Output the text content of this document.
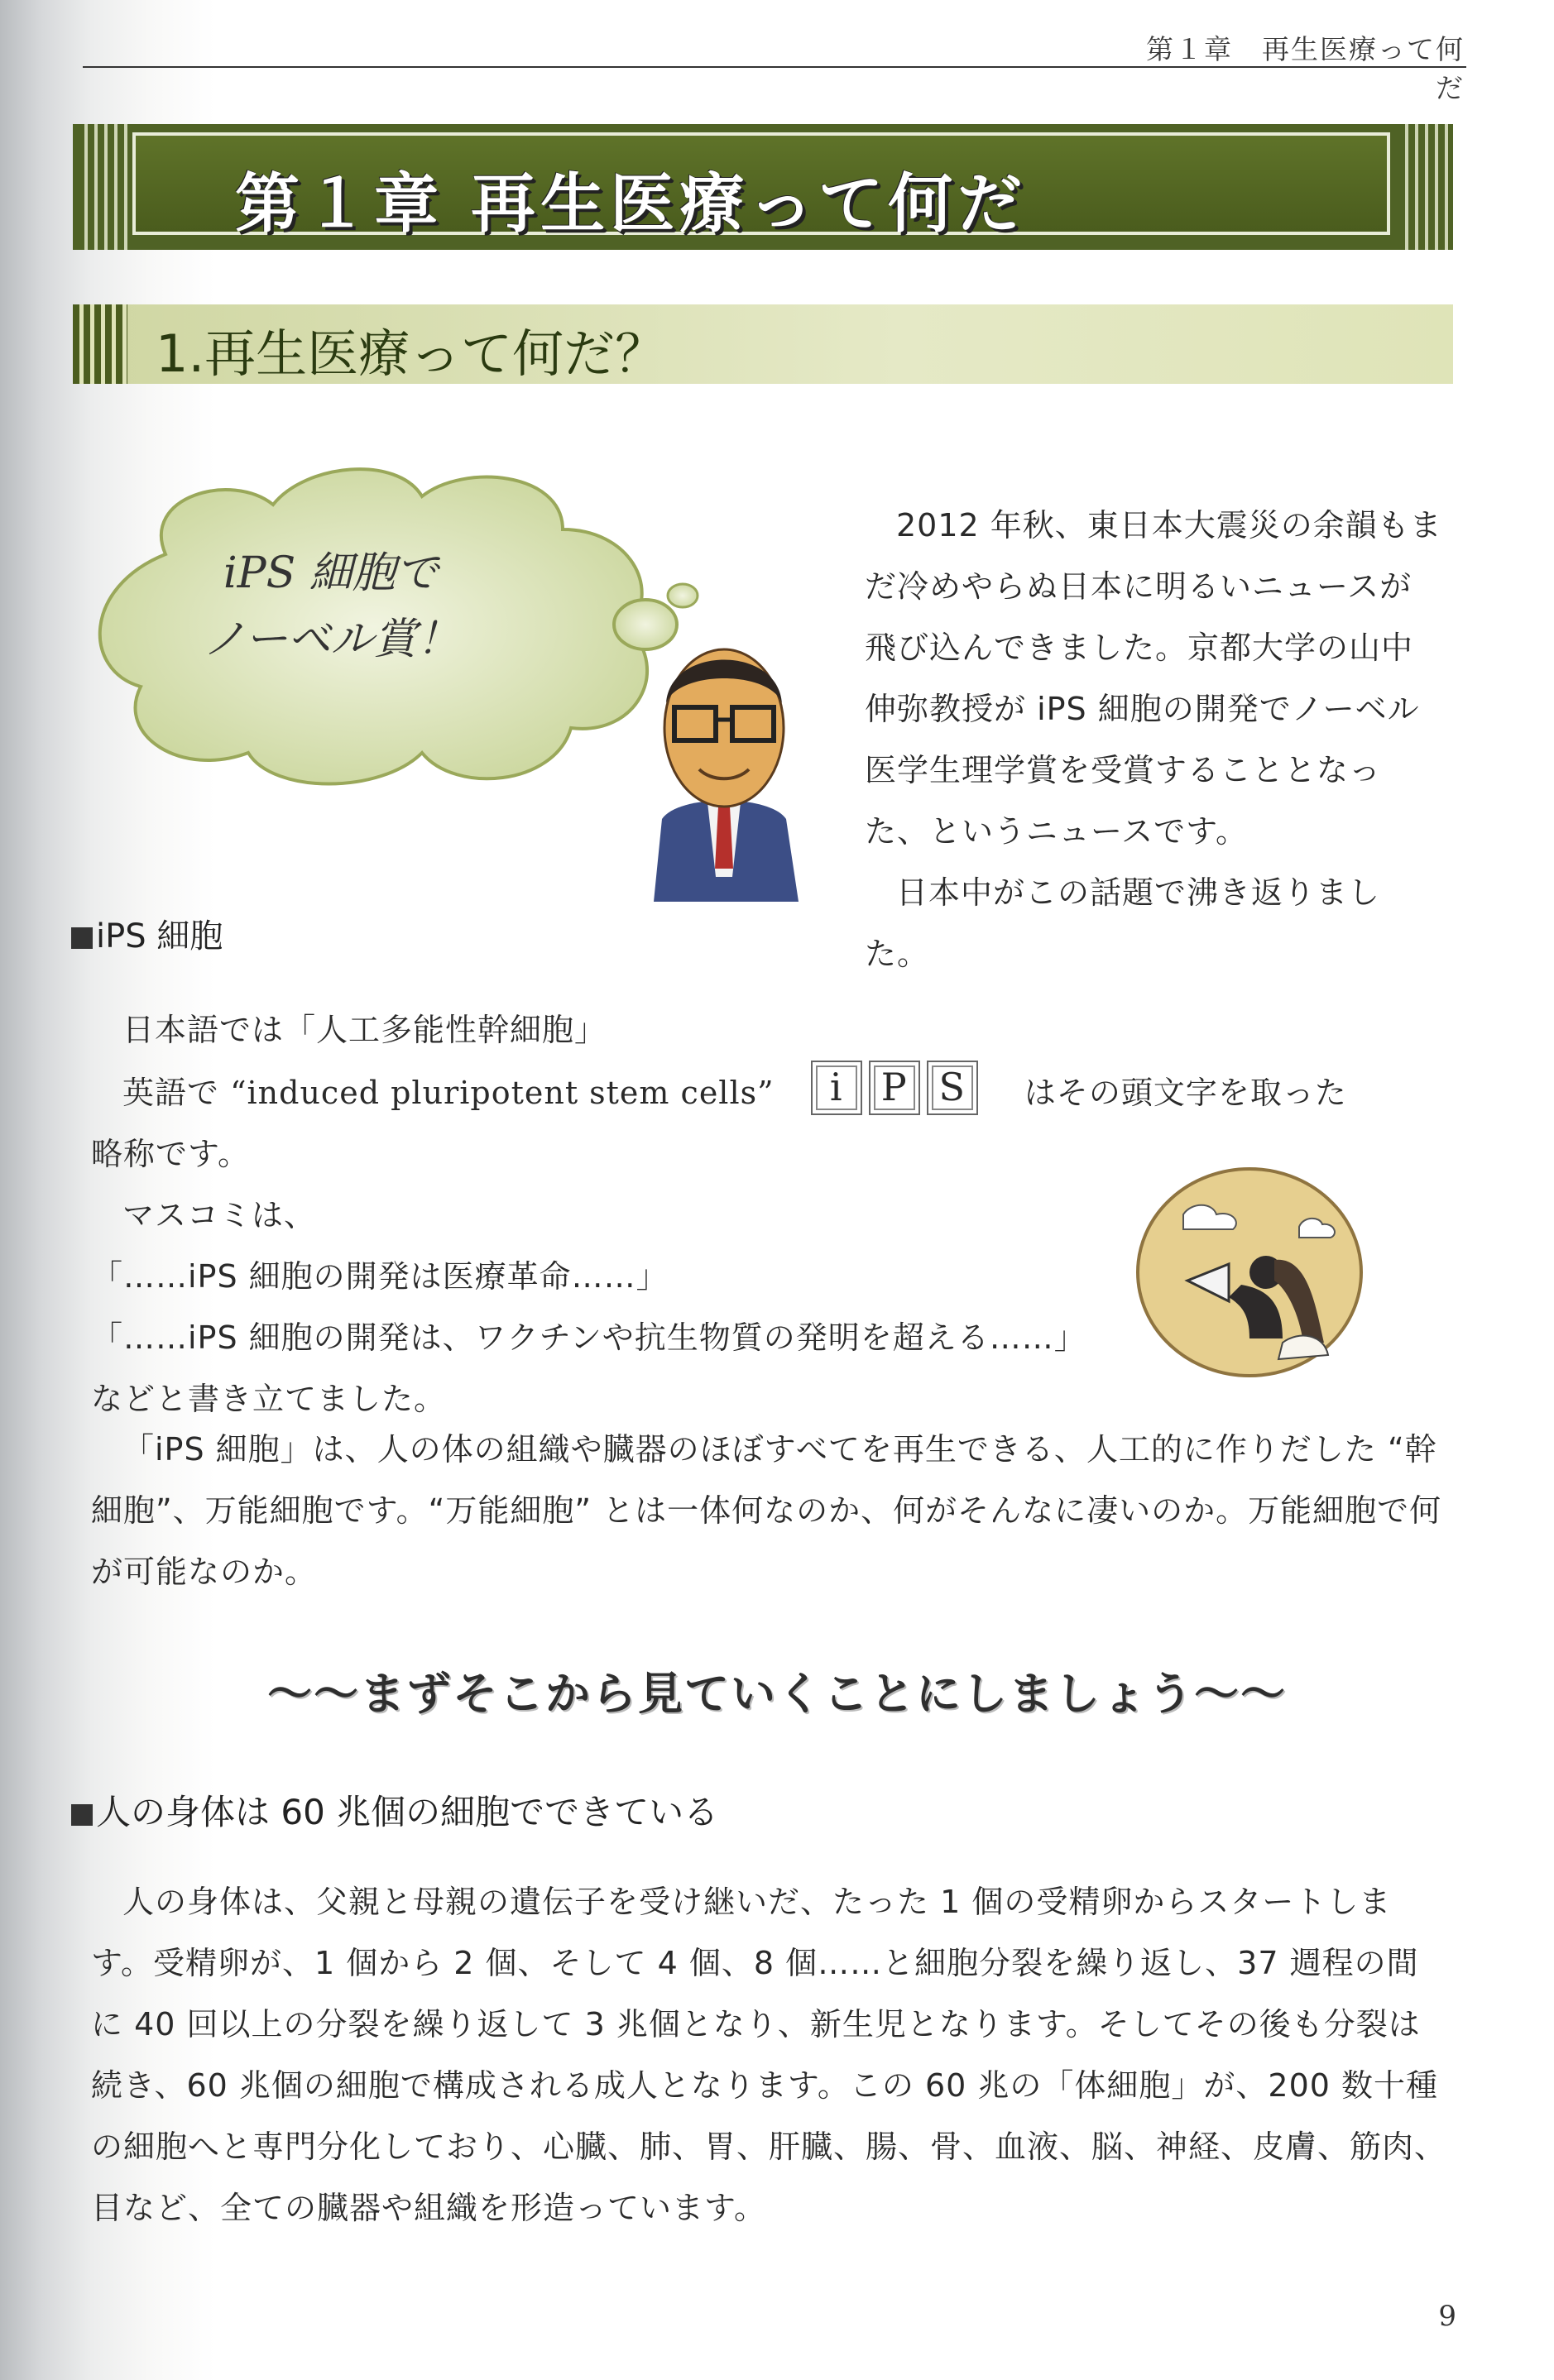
第１章　再生医療って何だ
第１章 再生医療って何だ
1.再生医療って何だ？
iPS 細胞で
ノーベル賞！

2012 年秋、東日本大震災の余韻もまだ冷めやらぬ日本に明るいニュースが飛び込んできました。京都大学の山中伸弥教授が iPS 細胞の開発でノーベル医学生理学賞を受賞することとなった、というニュースです。

日本中がこの話題で沸き返りました。

iPS 細胞
日本語では「人工多能性幹細胞」
英語で “induced pluripotent stem cells” i P S はその頭文字を取った
略称です。
マスコミは、
「……iPS 細胞の開発は医療革命……」
「……iPS 細胞の開発は、ワクチンや抗生物質の発明を超える……」
などと書き立てました。

「iPS 細胞」は、人の体の組織や臓器のほぼすべてを再生できる、人工的に作りだした “幹細胞”、万能細胞です。“万能細胞” とは一体何なのか、何がそんなに凄いのか。万能細胞で何が可能なのか。

〜〜まずそこから見ていくことにしましょう〜〜
人の身体は 60 兆個の細胞でできている

人の身体は、父親と母親の遺伝子を受け継いだ、たった 1 個の受精卵からスタートします。受精卵が、1 個から 2 個、そして 4 個、8 個……と細胞分裂を繰り返し、37 週程の間に 40 回以上の分裂を繰り返して 3 兆個となり、新生児となります。そしてその後も分裂は続き、60 兆個の細胞で構成される成人となります。この 60 兆の「体細胞」が、200 数十種の細胞へと専門分化しており、心臓、肺、胃、肝臓、腸、骨、血液、脳、神経、皮膚、筋肉、目など、全ての臓器や組織を形造っています。

9
